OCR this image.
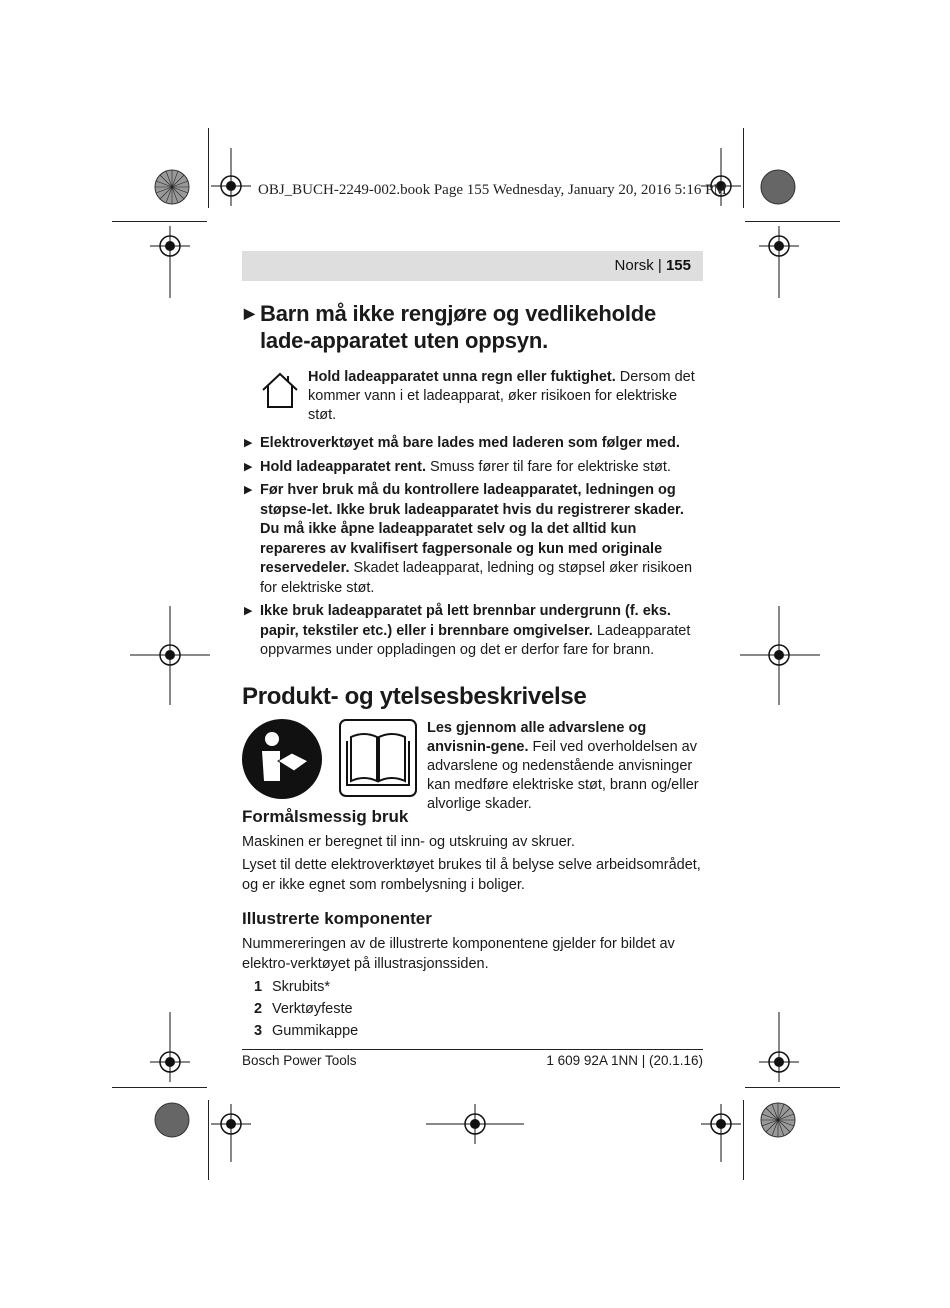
OBJ_BUCH-2249-002.book Page 155 Wednesday, January 20, 2016 5:16 PM
Norsk | 155
▶ Barn må ikke rengjøre og vedlikeholde lade-apparatet uten oppsyn.
Hold ladeapparatet unna regn eller fuktighet. Dersom det kommer vann i et ladeapparat, øker risikoen for elektriske støt.
▶ Elektroverktøyet må bare lades med laderen som følger med.
▶ Hold ladeapparatet rent. Smuss fører til fare for elektriske støt.
▶ Før hver bruk må du kontrollere ladeapparatet, ledningen og støpse-let. Ikke bruk ladeapparatet hvis du registrerer skader. Du må ikke åpne ladeapparatet selv og la det alltid kun repareres av kvalifisert fagpersonale og kun med originale reservedeler. Skadet ladeapparat, ledning og støpsel øker risikoen for elektriske støt.
▶ Ikke bruk ladeapparatet på lett brennbar undergrunn (f. eks. papir, tekstiler etc.) eller i brennbare omgivelser. Ladeapparatet oppvarmes under oppladingen og det er derfor fare for brann.
Produkt- og ytelsesbeskrivelse
Les gjennom alle advarslene og anvisnin-gene. Feil ved overholdelsen av advarslene og nedenstående anvisninger kan medføre elektriske støt, brann og/eller alvorlige skader.
Formålsmessig bruk

Maskinen er beregnet til inn- og utskruing av skruer.

Lyset til dette elektroverktøyet brukes til å belyse selve arbeidsområdet, og er ikke egnet som rombelysning i boliger.

Illustrerte komponenter

Nummereringen av de illustrerte komponentene gjelder for bildet av elektro-verktøyet på illustrasjonssiden.

1 Skrubits*
2 Verktøyfeste
3 Gummikappe
Bosch Power Tools	1 609 92A 1NN | (20.1.16)
